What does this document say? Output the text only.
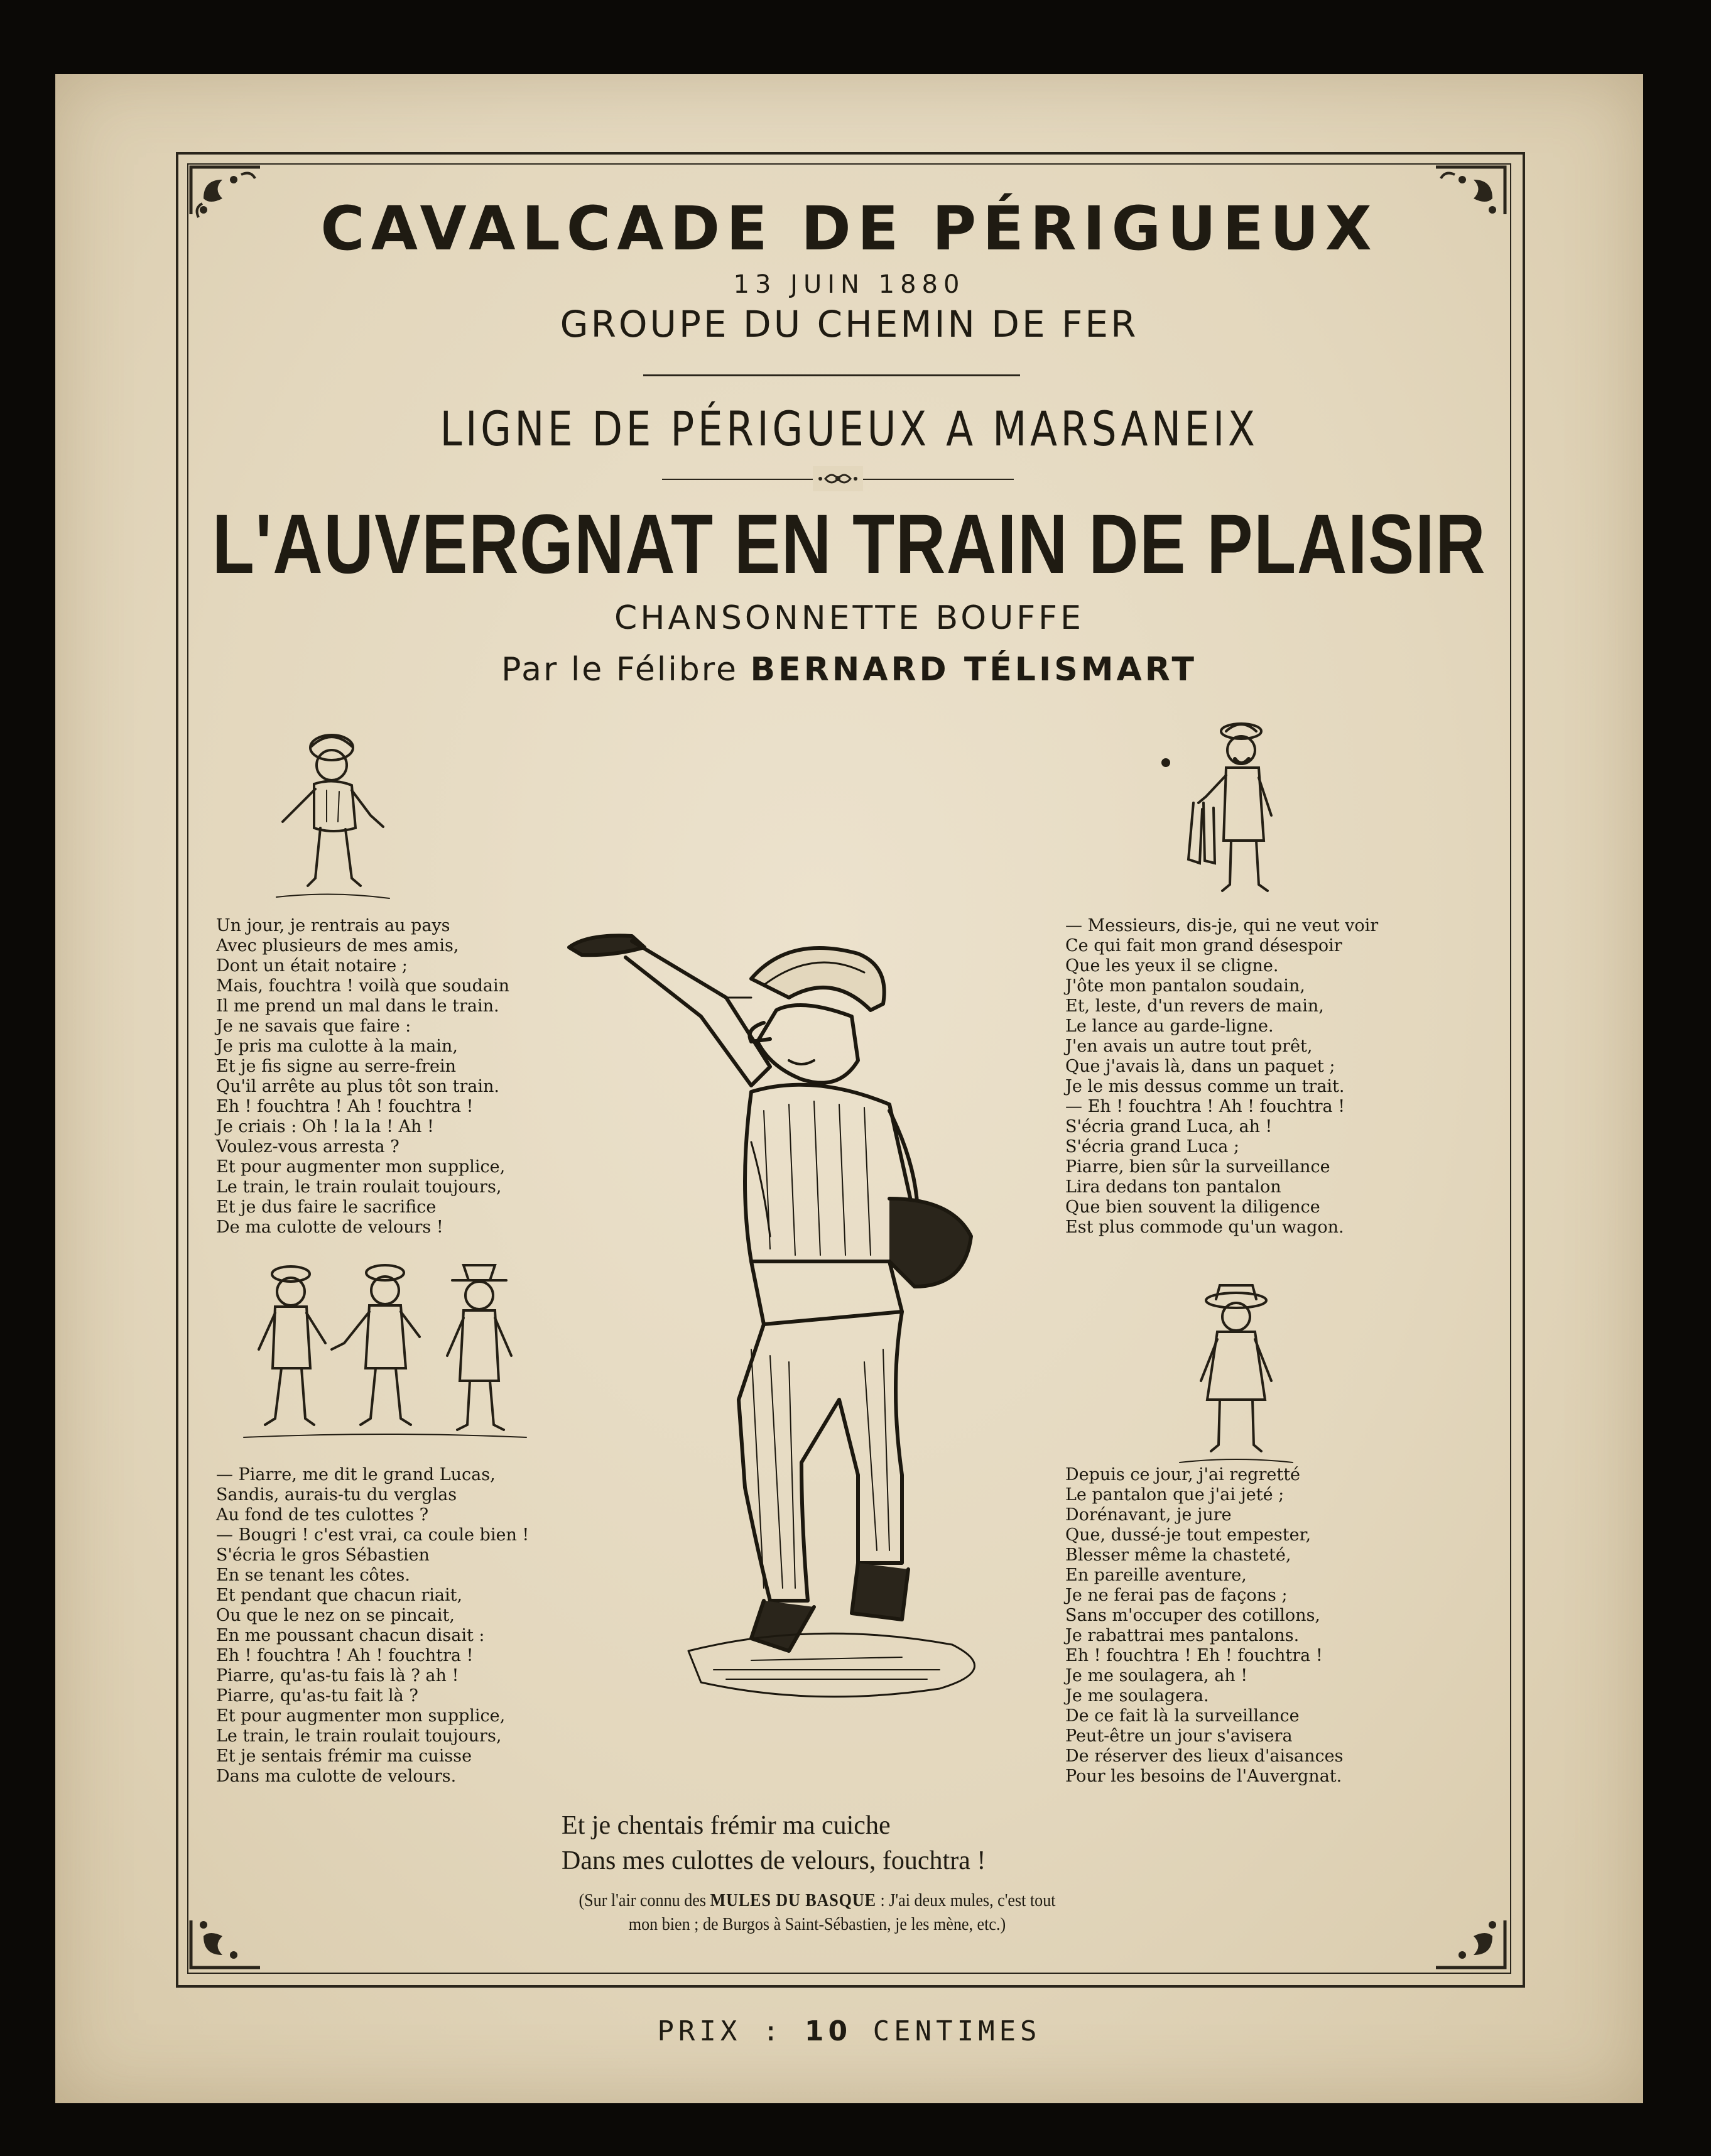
CAVALCADE DE PÉRIGUEUX
13 JUIN 1880
GROUPE DU CHEMIN DE FER
LIGNE DE PÉRIGUEUX A MARSANEIX
L'AUVERGNAT EN TRAIN DE PLAISIR
CHANSONNETTE BOUFFE
Par le Félibre BERNARD TÉLISMART
Un jour, je rentrais au pays
Avec plusieurs de mes amis,
Dont un était notaire ;
Mais, fouchtra ! voilà que soudain
Il me prend un mal dans le train.
Je ne savais que faire :
Je pris ma culotte à la main,
Et je fis signe au serre-frein
Qu'il arrête au plus tôt son train.
Eh ! fouchtra ! Ah ! fouchtra !
Je criais : Oh ! la la ! Ah !
Voulez-vous arresta ?
Et pour augmenter mon supplice,
Le train, le train roulait toujours,
Et je dus faire le sacrifice
De ma culotte de velours !
— Messieurs, dis-je, qui ne veut voir
Ce qui fait mon grand désespoir
Que les yeux il se cligne.
J'ôte mon pantalon soudain,
Et, leste, d'un revers de main,
Le lance au garde-ligne.
J'en avais un autre tout prêt,
Que j'avais là, dans un paquet ;
Je le mis dessus comme un trait.
— Eh ! fouchtra ! Ah ! fouchtra !
S'écria grand Luca, ah !
S'écria grand Luca ;
Piarre, bien sûr la surveillance
Lira dedans ton pantalon
Que bien souvent la diligence
Est plus commode qu'un wagon.
— Piarre, me dit le grand Lucas,
Sandis, aurais-tu du verglas
Au fond de tes culottes ?
— Bougri ! c'est vrai, ca coule bien !
S'écria le gros Sébastien
En se tenant les côtes.
Et pendant que chacun riait,
Ou que le nez on se pincait,
En me poussant chacun disait :
Eh ! fouchtra ! Ah ! fouchtra !
Piarre, qu'as-tu fais là ? ah !
Piarre, qu'as-tu fait là ?
Et pour augmenter mon supplice,
Le train, le train roulait toujours,
Et je sentais frémir ma cuisse
Dans ma culotte de velours.
Depuis ce jour, j'ai regretté
Le pantalon que j'ai jeté ;
Dorénavant, je jure
Que, dussé-je tout empester,
Blesser même la chasteté,
En pareille aventure,
Je ne ferai pas de façons ;
Sans m'occuper des cotillons,
Je rabattrai mes pantalons.
Eh ! fouchtra ! Eh ! fouchtra !
Je me soulagera, ah !
Je me soulagera.
De ce fait là la surveillance
Peut-être un jour s'avisera
De réserver des lieux d'aisances
Pour les besoins de l'Auvergnat.
Et je chentais frémir ma cuiche
Dans mes culottes de velours, fouchtra !
(Sur l'air connu des MULES DU BASQUE : J'ai deux mules, c'est tout mon bien ; de Burgos à Saint-Sébastien, je les mène, etc.)
PRIX : 10 CENTIMES
